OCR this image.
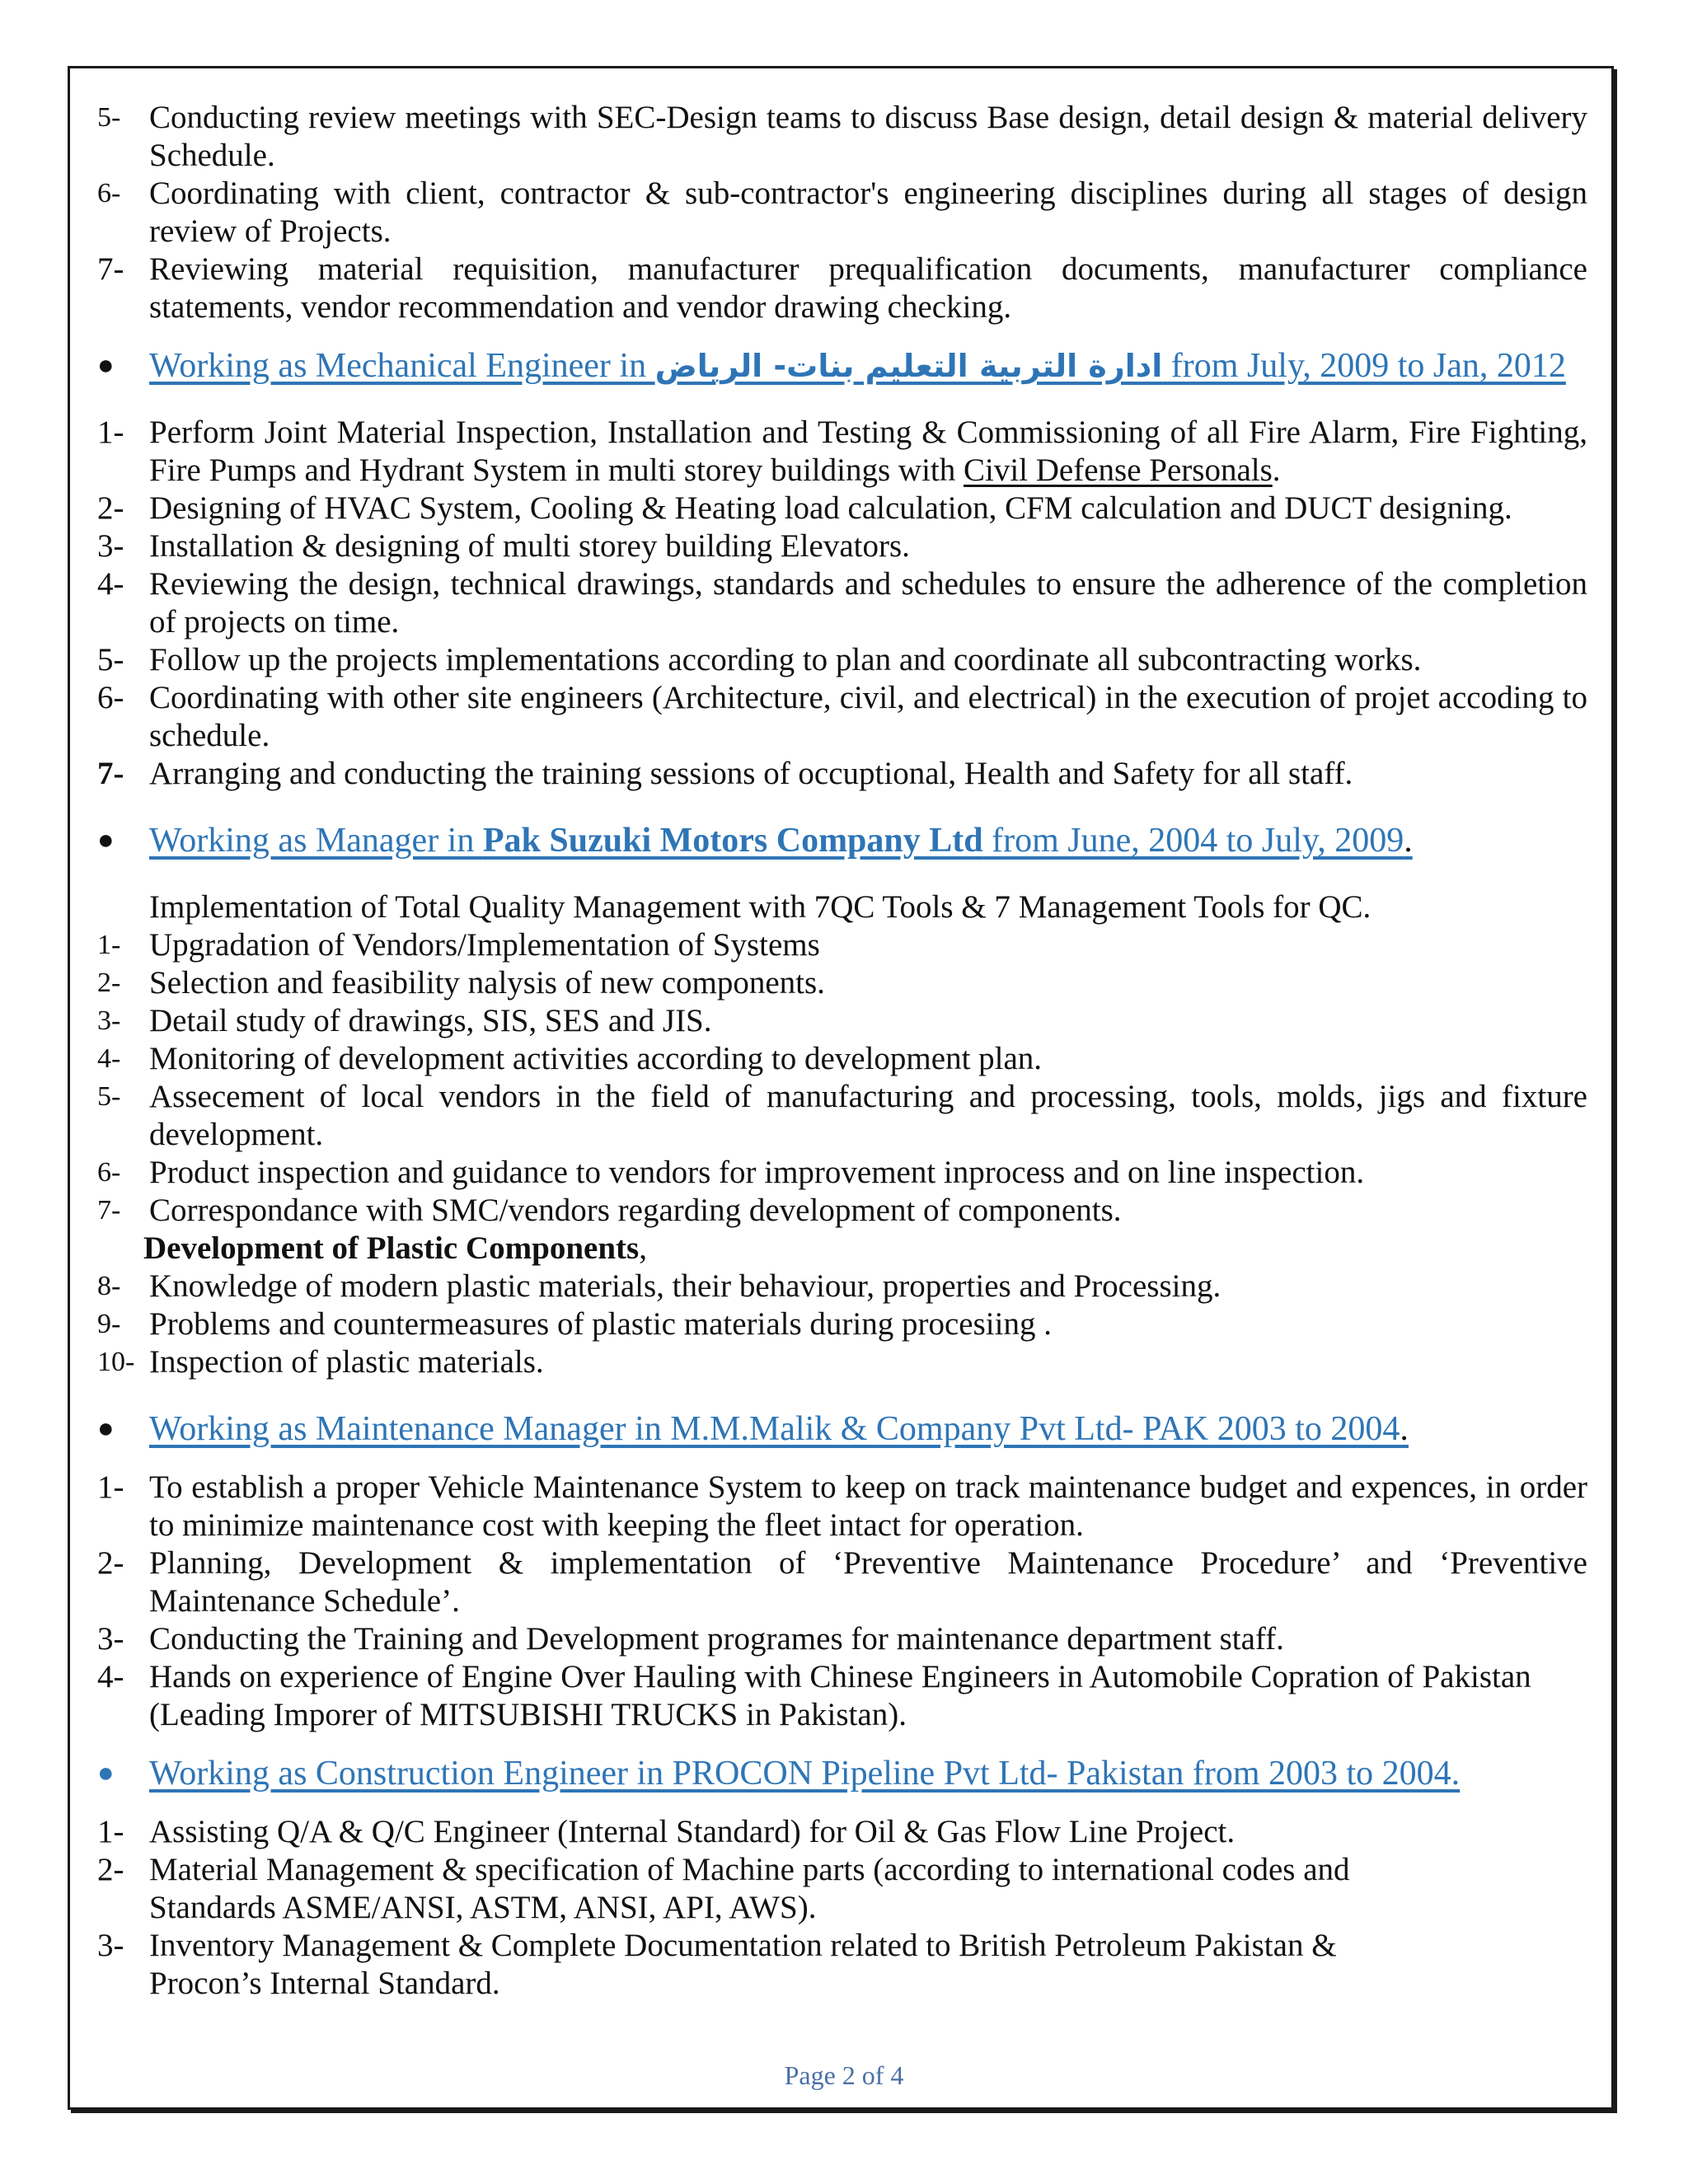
5- Conducting review meetings with SEC-Design teams to discuss Base design, detail design & material delivery Schedule.
6- Coordinating with client, contractor & sub-contractor's engineering disciplines during all stages of design review of Projects.
7- Reviewing material requisition, manufacturer prequalification documents, manufacturer compliance statements, vendor recommendation and vendor drawing checking.
● Working as Mechanical Engineer in ادارة التربية التعليم بنات- الرياض from July, 2009 to Jan, 2012
1- Perform Joint Material Inspection, Installation and Testing & Commissioning of all Fire Alarm, Fire Fighting, Fire Pumps and Hydrant System in multi storey buildings with Civil Defense Personals.
2- Designing of HVAC System, Cooling & Heating load calculation, CFM calculation and DUCT designing.
3- Installation & designing of multi storey building Elevators.
4- Reviewing the design, technical drawings, standards and schedules to ensure the adherence of the completion of projects on time.
5- Follow up the projects implementations according to plan and coordinate all subcontracting works.
6- Coordinating with other site engineers (Architecture, civil, and electrical) in the execution of projet accoding to schedule.
7- Arranging and conducting the training sessions of occuptional, Health and Safety for all staff.
● Working as Manager in Pak Suzuki Motors Company Ltd from June, 2004 to July, 2009.
Implementation of Total Quality Management with 7QC Tools & 7 Management Tools for QC.
1- Upgradation of Vendors/Implementation of Systems
2- Selection and feasibility nalysis of new components.
3- Detail study of drawings, SIS, SES and JIS.
4- Monitoring of development activities according to development plan.
5- Assecement of local vendors in the field of manufacturing and processing, tools, molds, jigs and fixture development.
6- Product inspection and guidance to vendors for improvement inprocess and on line inspection.
7- Correspondance with SMC/vendors regarding development of components.
Development of Plastic Components,
8- Knowledge of modern plastic materials, their behaviour, properties and Processing.
9- Problems and countermeasures of plastic materials during procesiing .
10- Inspection of plastic materials.
● Working as Maintenance Manager in M.M.Malik & Company Pvt Ltd- PAK 2003 to 2004.
1- To establish a proper Vehicle Maintenance System to keep on track maintenance budget and expences, in order to minimize maintenance cost with keeping the fleet intact for operation.
2- Planning, Development & implementation of ‘Preventive Maintenance Procedure’ and ‘Preventive Maintenance Schedule’.
3- Conducting the Training and Development programes for maintenance department staff.
4- Hands on experience of Engine Over Hauling with Chinese Engineers in Automobile Copration of Pakistan (Leading Imporer of MITSUBISHI TRUCKS in Pakistan).
● Working as Construction Engineer in PROCON Pipeline Pvt Ltd- Pakistan from 2003 to 2004.
1- Assisting Q/A & Q/C Engineer (Internal Standard) for Oil & Gas Flow Line Project.
2- Material Management & specification of Machine parts (according to international codes and
Standards ASME/ANSI, ASTM, ANSI, API, AWS).
3- Inventory Management & Complete Documentation related to British Petroleum Pakistan &
Procon’s Internal Standard.
Page 2 of 4
